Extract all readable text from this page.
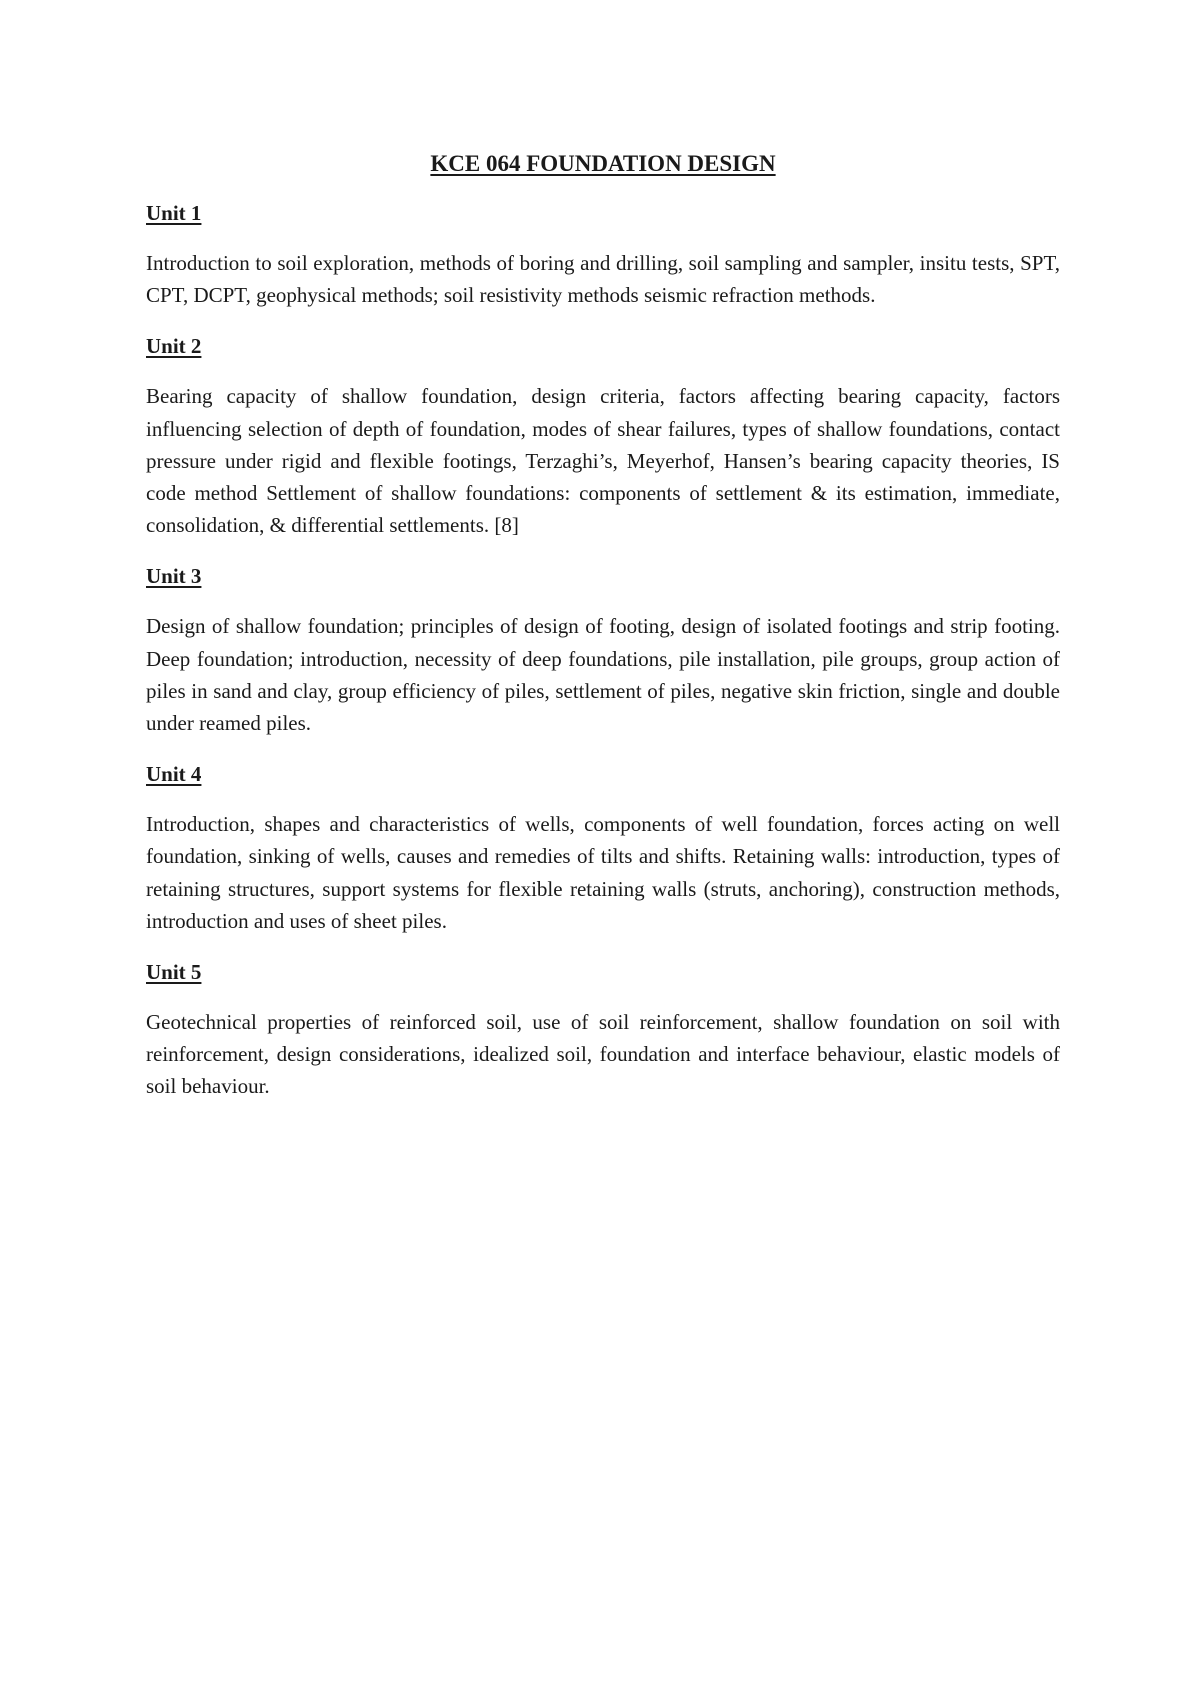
KCE 064 FOUNDATION DESIGN
Unit 1

Introduction to soil exploration, methods of boring and drilling, soil sampling and sampler, insitu tests, SPT, CPT, DCPT, geophysical methods; soil resistivity methods seismic refraction methods.

Unit 2

Bearing capacity of shallow foundation, design criteria, factors affecting bearing capacity, factors influencing selection of depth of foundation, modes of shear failures, types of shallow foundations, contact pressure under rigid and flexible footings, Terzaghi’s, Meyerhof, Hansen’s bearing capacity theories, IS code method Settlement of shallow foundations: components of settlement & its estimation, immediate, consolidation, & differential settlements. [8]

Unit 3

Design of shallow foundation; principles of design of footing, design of isolated footings and strip footing. Deep foundation; introduction, necessity of deep foundations, pile installation, pile groups, group action of piles in sand and clay, group efficiency of piles, settlement of piles, negative skin friction, single and double under reamed piles.

Unit 4

Introduction, shapes and characteristics of wells, components of well foundation, forces acting on well foundation, sinking of wells, causes and remedies of tilts and shifts. Retaining walls: introduction, types of retaining structures, support systems for flexible retaining walls (struts, anchoring), construction methods, introduction and uses of sheet piles.

Unit 5

Geotechnical properties of reinforced soil, use of soil reinforcement, shallow foundation on soil with reinforcement, design considerations, idealized soil, foundation and interface behaviour, elastic models of soil behaviour.
